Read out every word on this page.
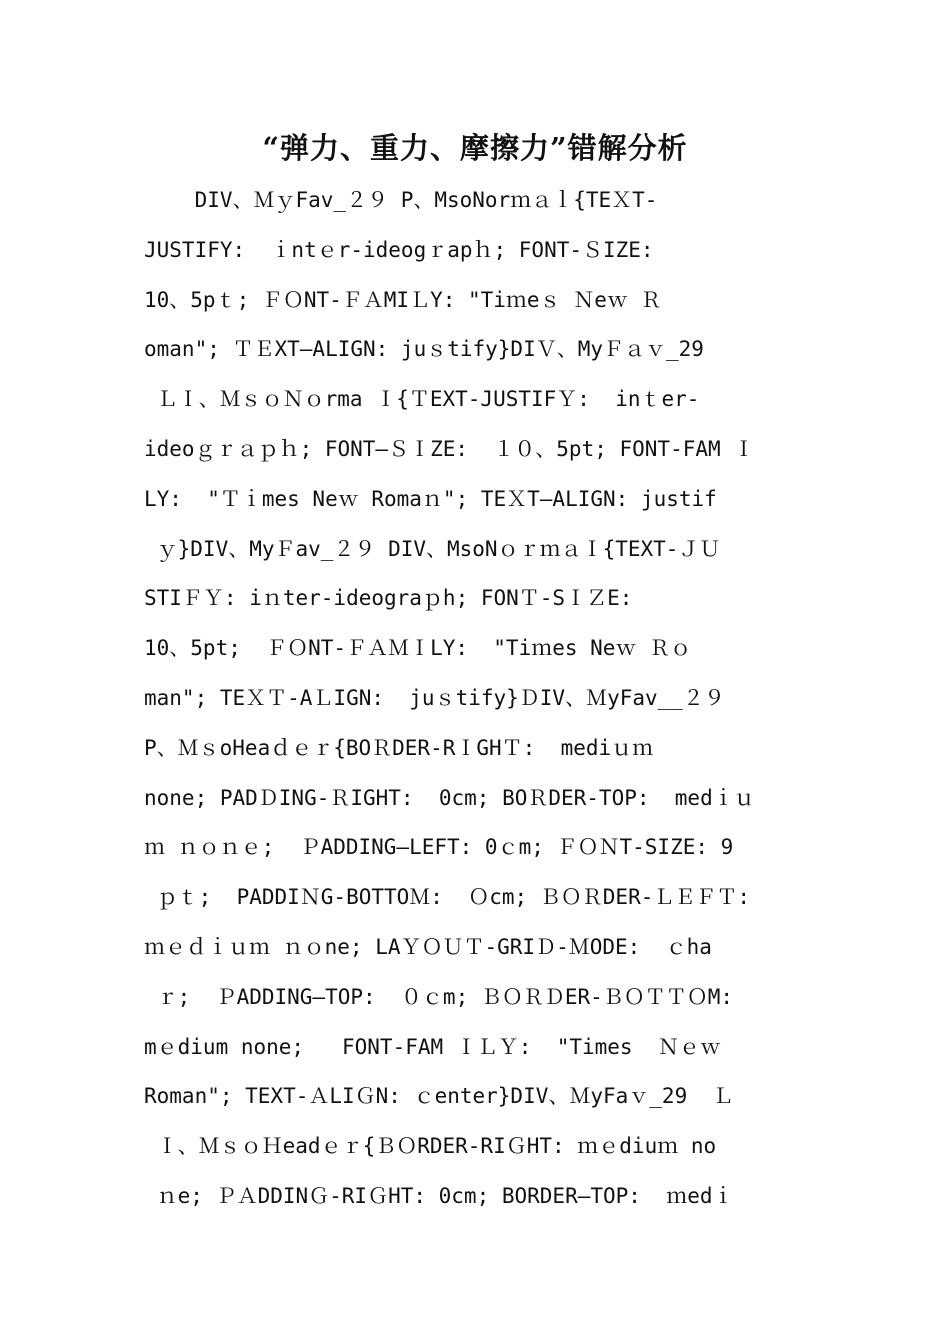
“弹力、重力、摩擦力”错解分析
DIV、ＭｙFav_２９ P、MsoNorｍａｌ{TEＸT-
JUSTIFY:  ｉntｅr-ideogｒapｈ; FONT-ＳIZE:
10、5pｔ; ＦＯNT-ＦＡMIＬY: "Tiｍeｓ Ｎeｗ Ｒ
oman"; ＴＥXT—ALIGN: juｓtify}DIＶ、MyＦａｖ_29
ＬＩ、ＭｓｏＮｏrma Ｉ{ＴEXT-JUSTIFＹ:  inｔer-
ideoｇｒａｐｈ; FONT—ＳＩZE:  １０、5pt; FONT-FAM Ｉ
LY:  "Ｔｉmes Neｗ Romaｎ"; TEＸT—ALIGN: justif
ｙ}DIV、MyＦav_２９ DIV、MsoNｏｒｍａＩ{TEXT-ＪＵ
STIＦＹ: iｎter-ideograｐh; FONＴ-SＩＺE:
10、5pt;  ＦＯNT-ＦＡＭＩLY:  "Tiｍes Neｗ Ｒｏ
man"; TEＸＴ-AＬIGN:  juｓtify}ＤIV、ＭyFav__２９
P、ＭｓoHeaｄｅｒ{BOＲDER-RＩGHＴ:  mediｕｍ
none; PADＤING-ＲIGHT:  0cm; BOＲDER-TOP:  medｉｕ
ｍ ｎｏｎｅ;  ＰADDING—LEFT: 0ｃm; ＦＯＮT-SIZE: 9
ｐｔ;  PADDIＮG-BOTTOＭ:  Ｏcm; ＢＯＲDER-ＬＥＦＴ:
ｍｅｄｉｕｍ ｎｏne; LAＹＯＵＴ-GRIＤ-ＭODE:  ｃha
ｒ;  ＰADDING—TOP:  ０ｃm; ＢＯＲＤER-ＢＯＴＴＯM:
mｅdium none;   FONT-FAM ＩＬＹ:  "Times  Ｎｅｗ
Roman"; TEXT-ＡLIＧN: ｃenter}DIV、ＭyFaｖ_29  Ｌ
Ｉ、ＭｓｏＨeadｅｒ{ＢＯRDER-RIＧHT: ｍｅdiuｍ no
ｎe; ＰＡDDINＧ-RIＧHT: 0cm; BORDER—TOP:  ｍedｉ
